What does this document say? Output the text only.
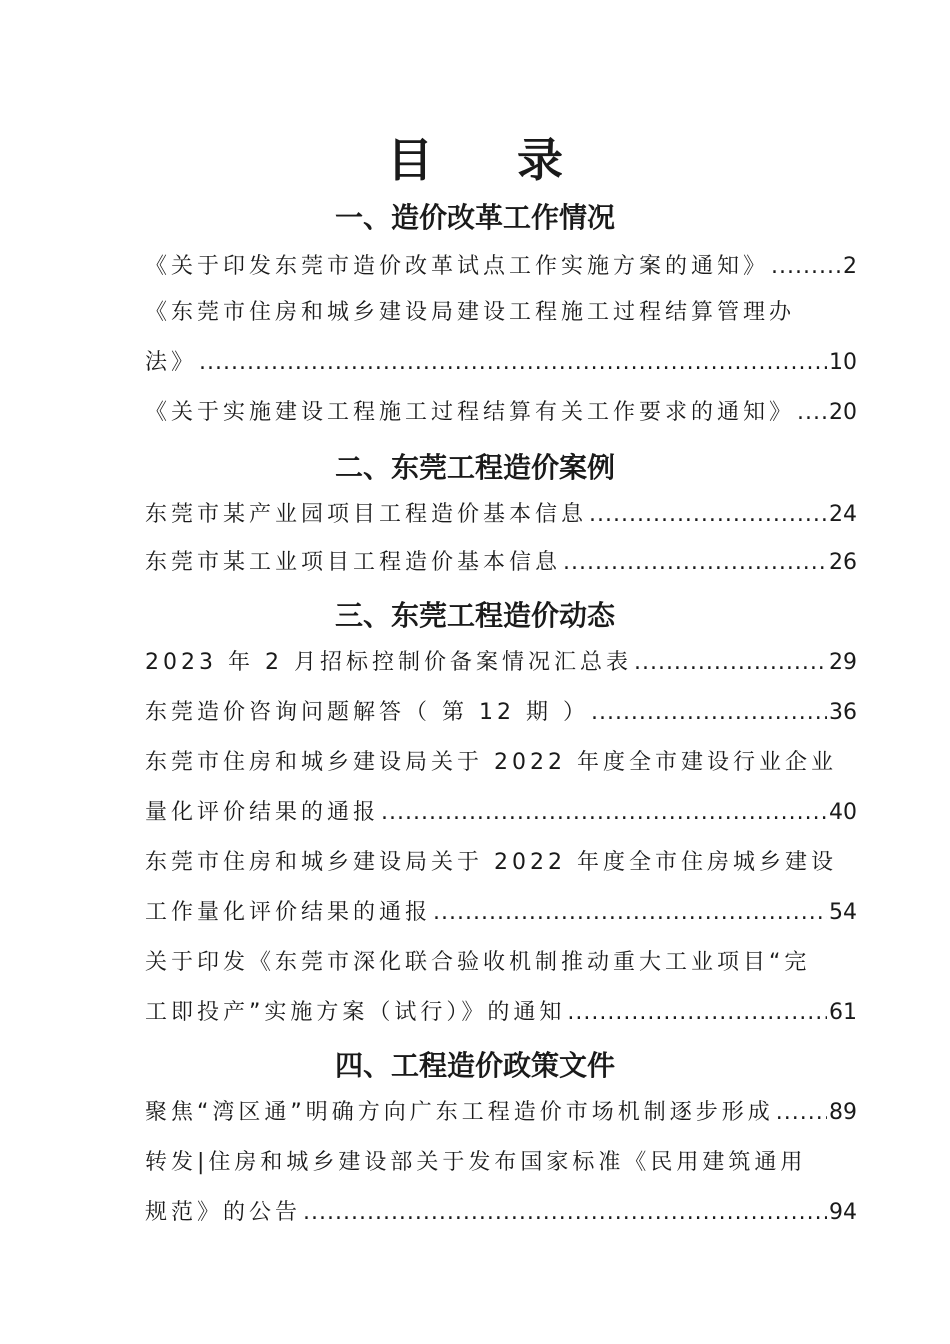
目 录
一、造价改革工作情况
《关于印发东莞市造价改革试点工作实施方案的通知》 .....	2
《东莞市住房和城乡建设局建设工程施工过程结算管理办
法》 .....	10
《关于实施建设工程施工过程结算有关工作要求的通知》 ..... 20
二、东莞工程造价案例
东莞市某产业园项目工程造价基本信息 .....	24
东莞市某工业项目工程造价基本信息 .....	26
三、东莞工程造价动态
2023 年 2 月招标控制价备案情况汇总表 .....	29
东莞造价咨询问题解答（ 第 12 期 ） .....	36
东莞市住房和城乡建设局关于 2022 年度全市建设行业企业
量化评价结果的通报 .....	40
东莞市住房和城乡建设局关于 2022 年度全市住房城乡建设
工作量化评价结果的通报 .....	54
关于印发《东莞市深化联合验收机制推动重大工业项目“完
工即投产”实施方案（试行）》的通知 .....	61
四、工程造价政策文件
聚焦“湾区通”明确方向广东工程造价市场机制逐步形成 .....	89
转发|住房和城乡建设部关于发布国家标准《民用建筑通用
规范》的公告 .....	94
